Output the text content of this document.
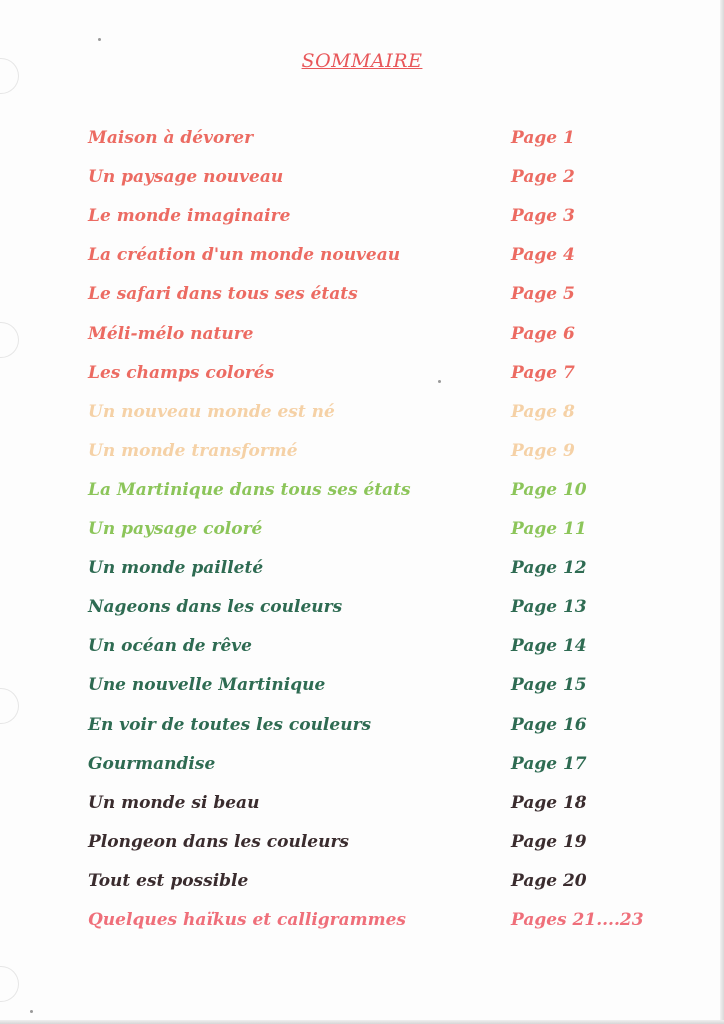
SOMMAIRE
Maison à dévorer	Page 1
Un paysage nouveau	Page 2
Le monde imaginaire	Page 3
La création d'un monde nouveau	Page 4
Le safari dans tous ses états	Page 5
Méli-mélo nature	Page 6
Les champs colorés	Page 7
Un nouveau monde est né	Page 8
Un monde transformé	Page 9
La Martinique dans tous ses états	Page 10
Un paysage coloré	Page 11
Un monde pailleté	Page 12
Nageons dans les couleurs	Page 13
Un océan de rêve	Page 14
Une nouvelle Martinique	Page 15
En voir de toutes les couleurs	Page 16
Gourmandise	Page 17
Un monde si beau	Page 18
Plongeon dans les couleurs	Page 19
Tout est possible	Page 20
Quelques haïkus et calligrammes	Pages 21....23
